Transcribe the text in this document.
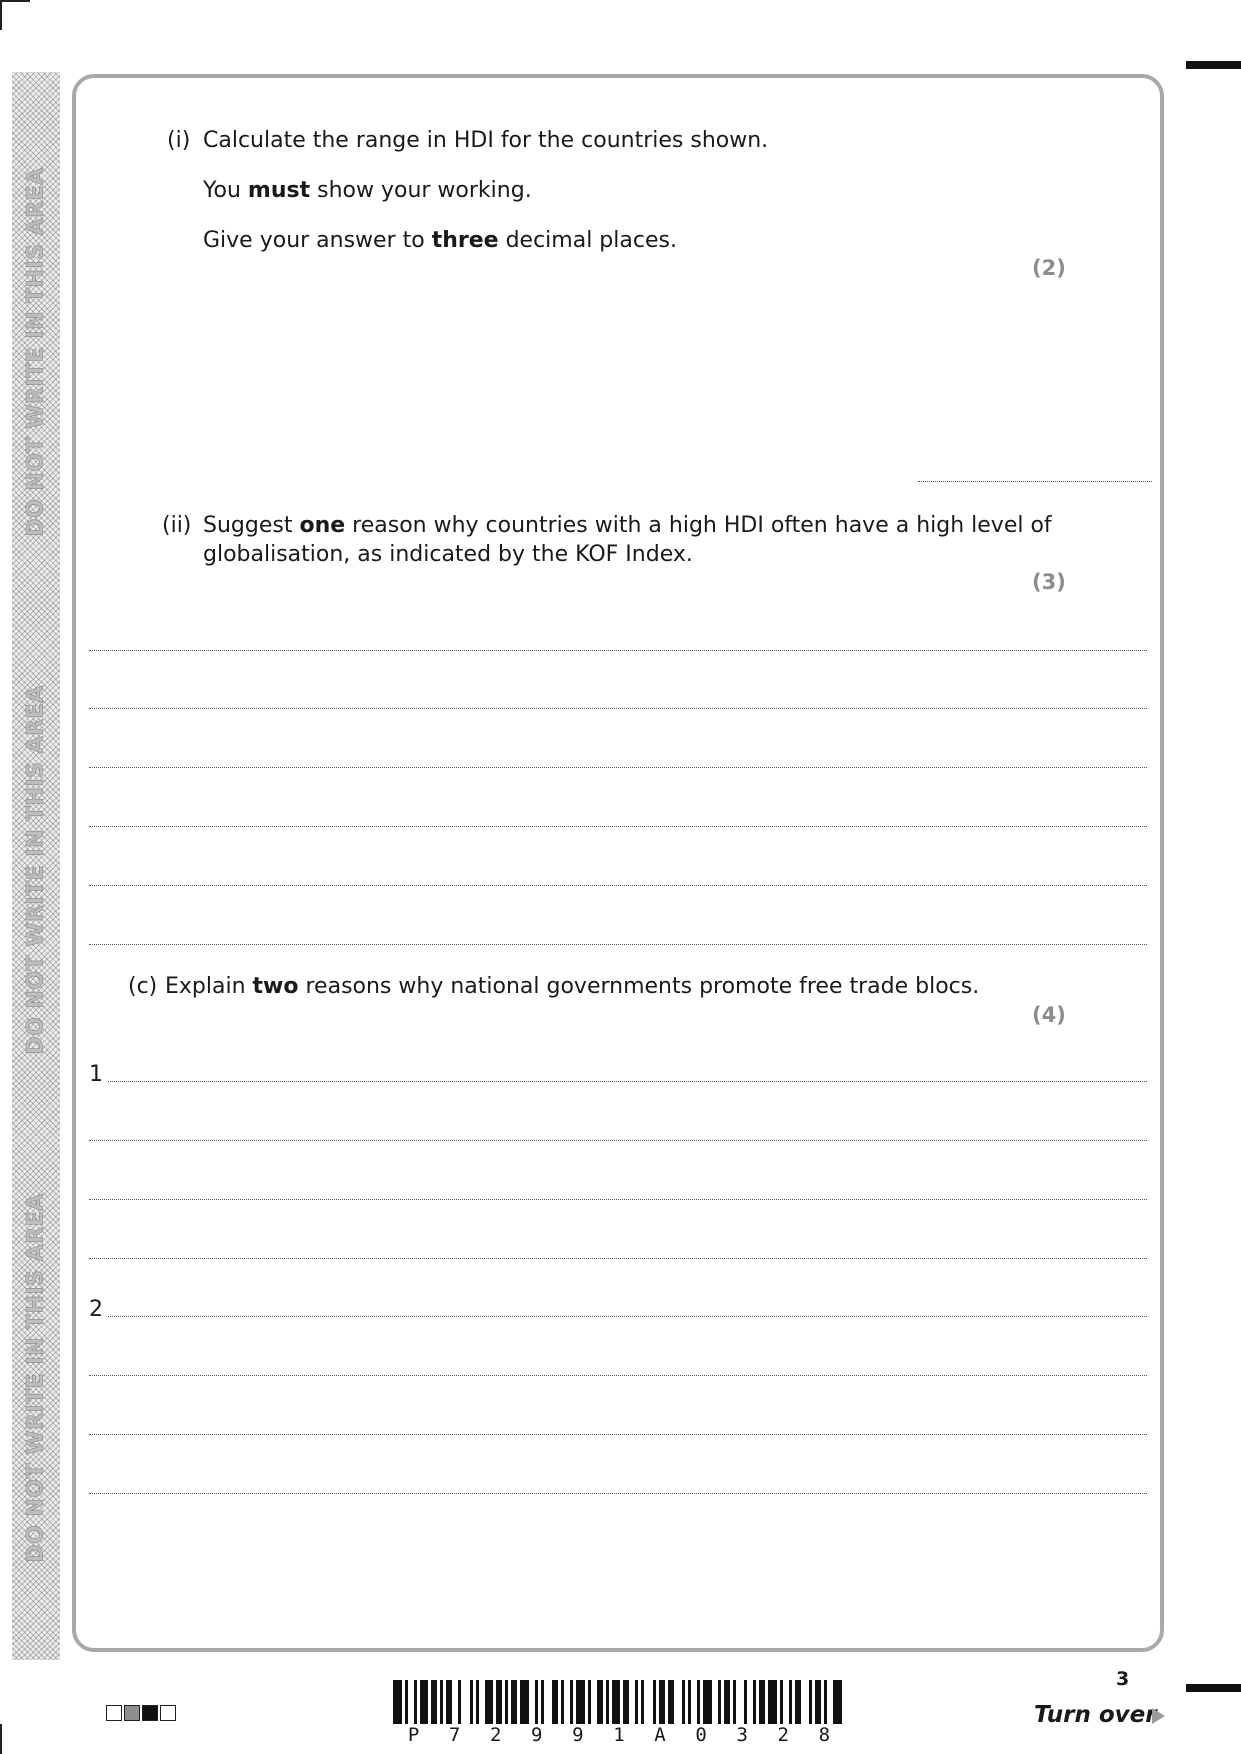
DO NOT WRITE IN THIS AREA
DO NOT WRITE IN THIS AREA
DO NOT WRITE IN THIS AREA
(i) Calculate the range in HDI for the countries shown.
You must show your working.
Give your answer to three decimal places.
(2)
(ii) Suggest one reason why countries with a high HDI often have a high level of
globalisation, as indicated by the KOF Index.
(3)
(c) Explain two reasons why national governments promote free trade blocs.
(4)
1
2
P 7 2 9 9 1 A 0 3 2 8
3
Turn over
